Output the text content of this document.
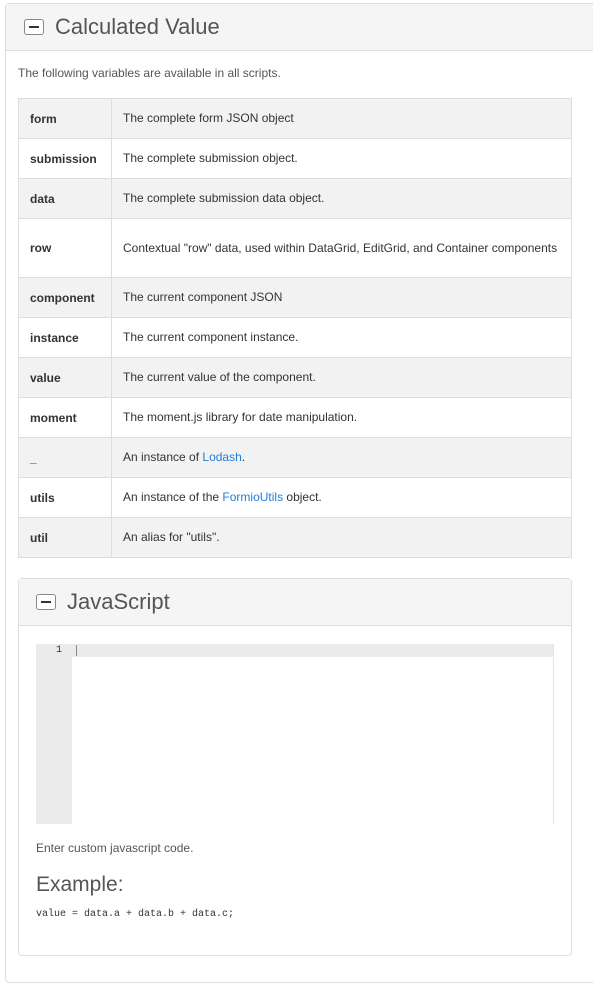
Calculated Value
The following variables are available in all scripts.
form	The complete form JSON object
submission	The complete submission object.
data	The complete submission data object.
row	Contextual "row" data, used within DataGrid, EditGrid, and Container components
component	The current component JSON
instance	The current component instance.
value	The current value of the component.
moment	The moment.js library for date manipulation.
_	An instance of Lodash.
utils	An instance of the FormioUtils object.
util	An alias for "utils".
JavaScript
1
Enter custom javascript code.
Example:
value = data.a + data.b + data.c;
